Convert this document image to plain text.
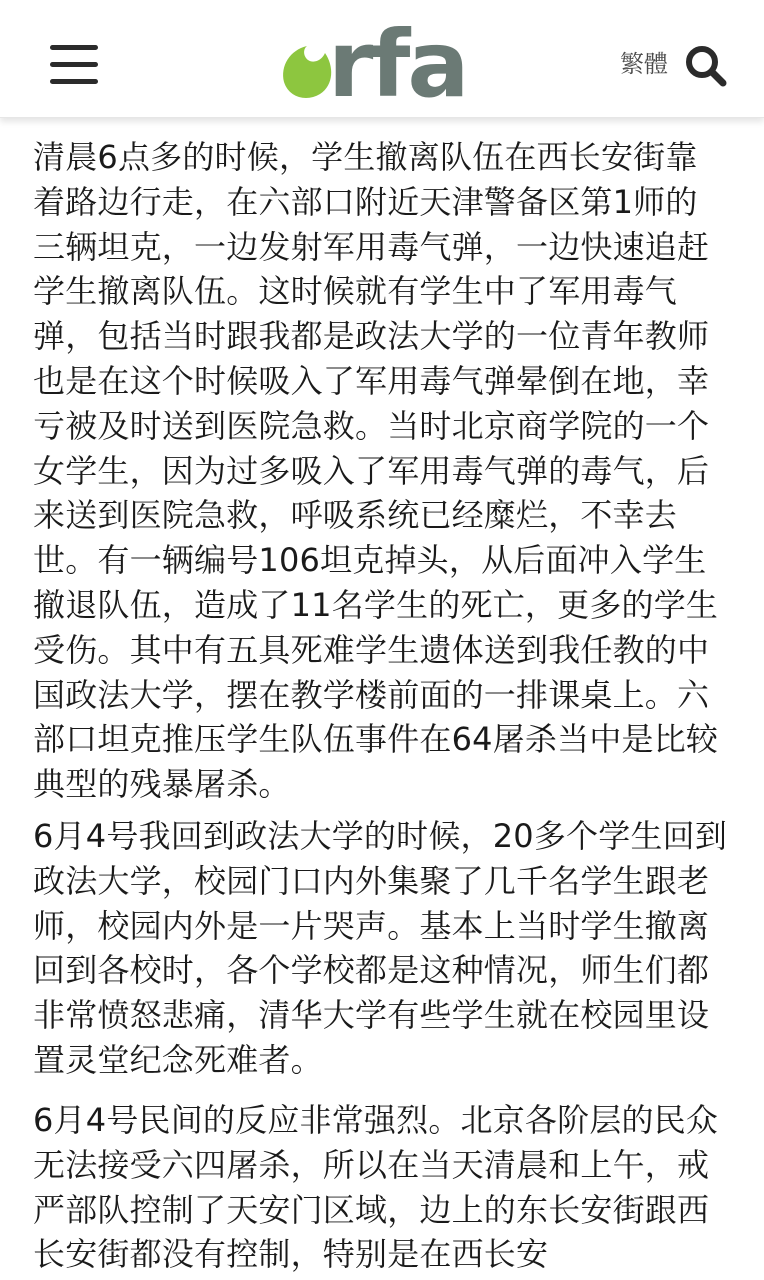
rfa	繁體

清晨6点多的时候，学生撤离队伍在西长安街靠着路边行走，在六部口附近天津警备区第1师的三辆坦克，一边发射军用毒气弹，一边快速追赶学生撤离队伍。这时候就有学生中了军用毒气弹，包括当时跟我都是政法大学的一位青年教师也是在这个时候吸入了军用毒气弹晕倒在地，幸亏被及时送到医院急救。当时北京商学院的一个女学生，因为过多吸入了军用毒气弹的毒气，后来送到医院急救，呼吸系统已经糜烂，不幸去世。有一辆编号106坦克掉头，从后面冲入学生撤退队伍，造成了11名学生的死亡，更多的学生受伤。其中有五具死难学生遗体送到我任教的中国政法大学，摆在教学楼前面的一排课桌上。六部口坦克推压学生队伍事件在64屠杀当中是比较典型的残暴屠杀。

6月4号我回到政法大学的时候，20多个学生回到政法大学，校园门口内外集聚了几千名学生跟老师，校园内外是一片哭声。基本上当时学生撤离回到各校时，各个学校都是这种情况，师生们都非常愤怒悲痛，清华大学有些学生就在校园里设置灵堂纪念死难者。

6月4号民间的反应非常强烈。北京各阶层的民众无法接受六四屠杀，所以在当天清晨和上午，戒严部队控制了天安门区域，边上的东长安街跟西长安街都没有控制，特别是在西长安
